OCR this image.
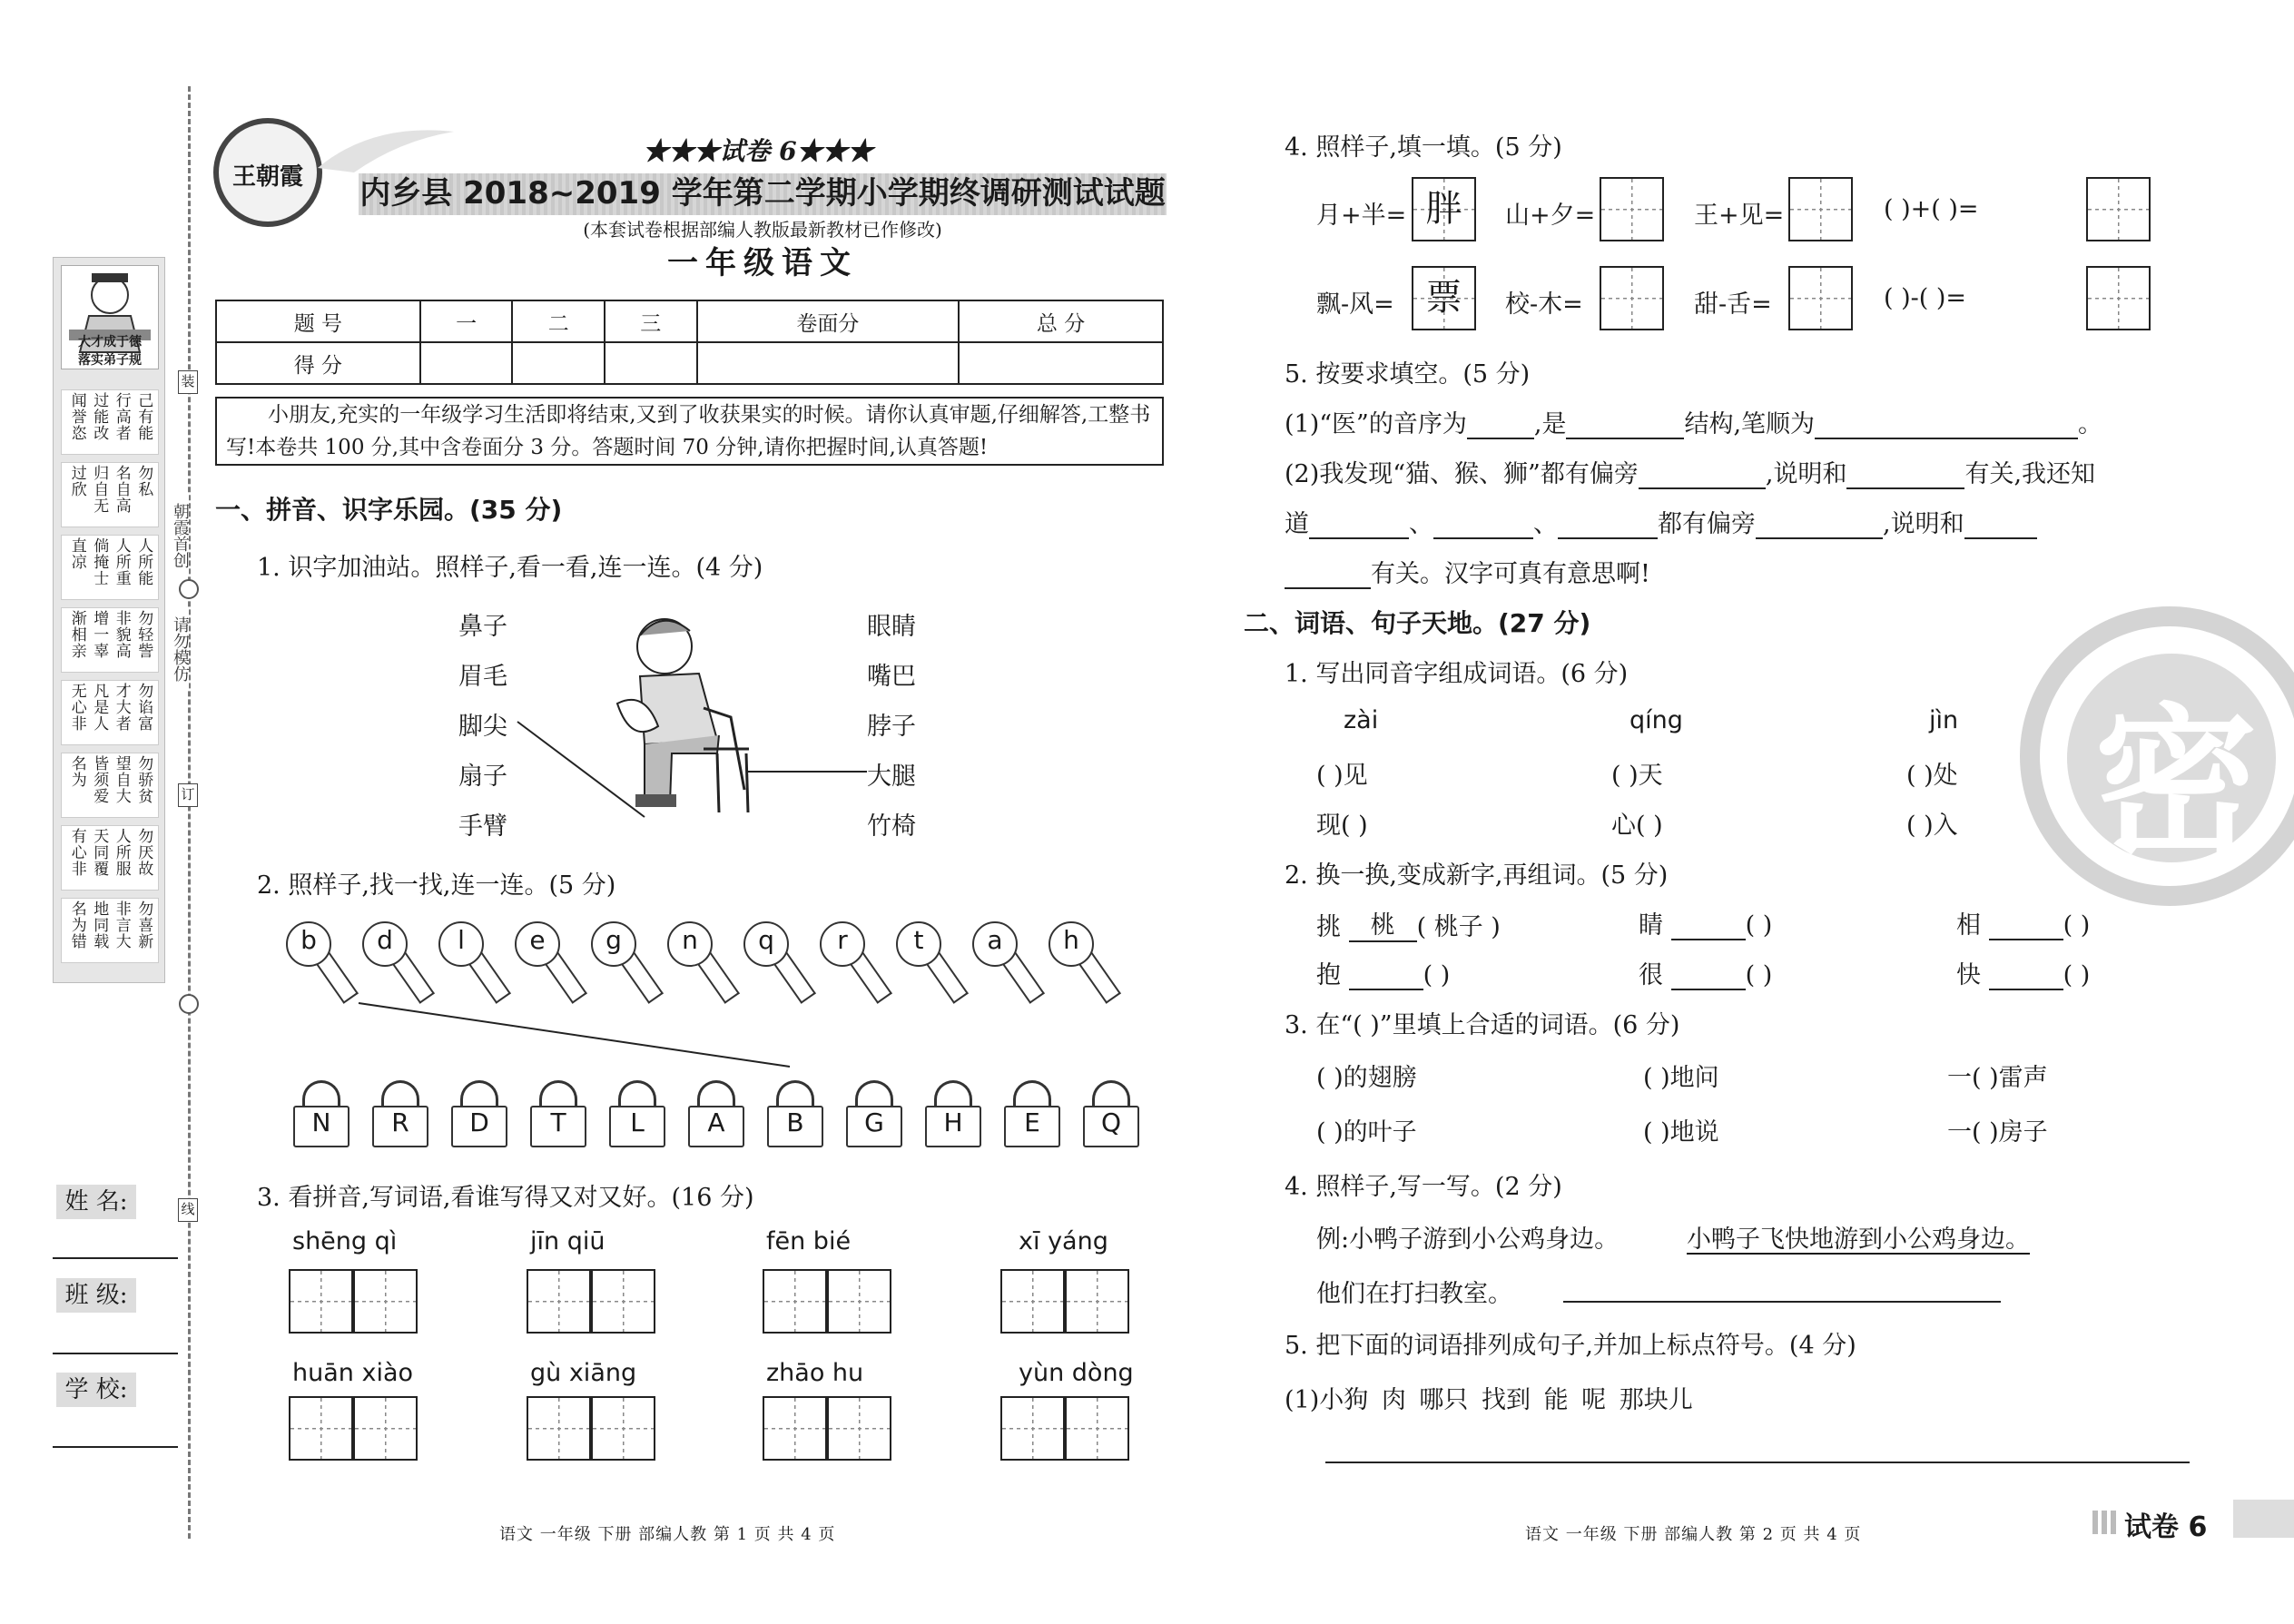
装
朝霞首创
请勿模仿
订
线
大才成于德
落实弟子规
闻誉恣 过能改 行高者 己有能
过欣 归自无 名自高 勿私
直凉 倘掩士 人所重 人所能
渐相亲 增一辜 非貌高 勿轻訾
无心非 凡是人 才大者 勿谄富
名为 皆须爱 望自大 勿骄贫
有心非 天同覆 人所服 勿厌故
名为错 地同载 非言大 勿喜新
姓 名:
班 级:
学 校:
王朝霞
★★★试卷 6★★★
内乡县 2018~2019 学年第二学期小学期终调研测试试题
(本套试卷根据部编人教版最新教材已作修改)
一年级语文
题 号	一	二	三	卷面分	总 分
得 分					
小朋友,充实的一年级学习生活即将结束,又到了收获果实的时候。请你认真审题,仔细解答,工整书写!本卷共 100 分,其中含卷面分 3 分。答题时间 70 分钟,请你把握时间,认真答题!
一、拼音、识字乐园。(35 分)
1. 识字加油站。照样子,看一看,连一连。(4 分)
鼻子
眉毛
脚尖
扇子
手臂
眼睛
嘴巴
脖子
大腿
竹椅
2. 照样子,找一找,连一连。(5 分)
b	d	l	e	g	n	q	r	t	a	h
N	R	D	T	L	A	B	G	H	E	Q
3. 看拼音,写词语,看谁写得又对又好。(16 分)
shēng qì	jīn qiū	fēn bié	xī yáng
huān xiào	gù xiāng	zhāo hu	yùn dòng
4. 照样子,填一填。(5 分)
月+半= 胖	山+夕=	王+见=	( )+( )=
飘-风= 票	校-木=	甜-舌=	( )-( )=
5. 按要求填空。(5 分)
(1)“医”的音序为	,是	结构,笔顺为	。
(2)我发现“猫、猴、狮”都有偏旁	,说明和	有关,我还知
道	、	、	都有偏旁	,说明和
有关。汉字可真有意思啊!
二、词语、句子天地。(27 分)
1. 写出同音字组成词语。(6 分)
zài	qíng	jìn
( )见	( )天	( )处
现( )	心( )	( )入
2. 换一换,变成新字,再组词。(5 分)
挑 桃 ( 桃子 )	睛	( )	相	( )
抱	( )	很	( )	快	( )
3. 在“( )”里填上合适的词语。(6 分)
( )的翅膀	( )地问	一( )雷声
( )的叶子	( )地说	一( )房子
4. 照样子,写一写。(2 分)
例:小鸭子游到小公鸡身边。	小鸭子飞快地游到小公鸡身边。
他们在打扫教室。
5. 把下面的词语排列成句子,并加上标点符号。(4 分)
(1)小狗 肉 哪只 找到 能 呢 那块儿
密
语文 一年级 下册 部编人教 第 1 页 共 4 页	语文 一年级 下册 部编人教 第 2 页 共 4 页	试卷 6
